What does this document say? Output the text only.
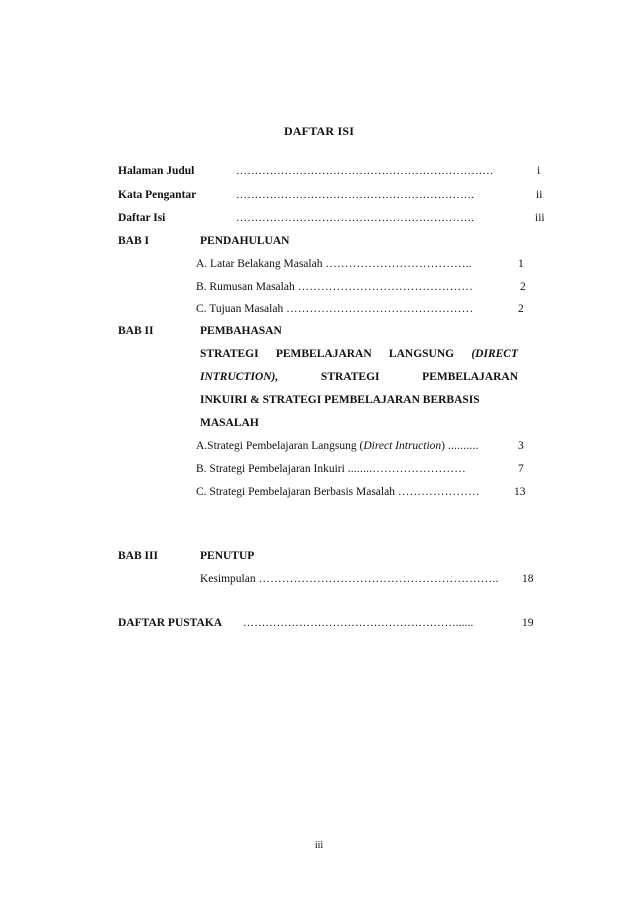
DAFTAR ISI
Halaman Judul	……………………………………………………………	i
Kata Pengantar	……………………………………………………….	ii
Daftar Isi	……………………………………………………….	iii
BAB I	PENDAHULUAN
A. Latar Belakang Masalah ………………………………..	1
B. Rumusan Masalah ………………………………………	2
C. Tujuan Masalah …………………………………………	2
BAB II	PEMBAHASAN
STRATEGI PEMBELAJARAN LANGSUNG (DIRECT
INTRUCTION),	STRATEGI	PEMBELAJARAN
INKUIRI & STRATEGI PEMBELAJARAN BERBASIS
MASALAH
A.Strategi Pembelajaran Langsung (Direct Intruction) ..........	3
B. Strategi Pembelajaran Inkuiri ........……………………	7
C. Strategi Pembelajaran Berbasis Masalah …………………	13
BAB III	PENUTUP
Kesimpulan …………………………………………………….. 18
DAFTAR PUSTAKA …………………………………………………......	19
iii
